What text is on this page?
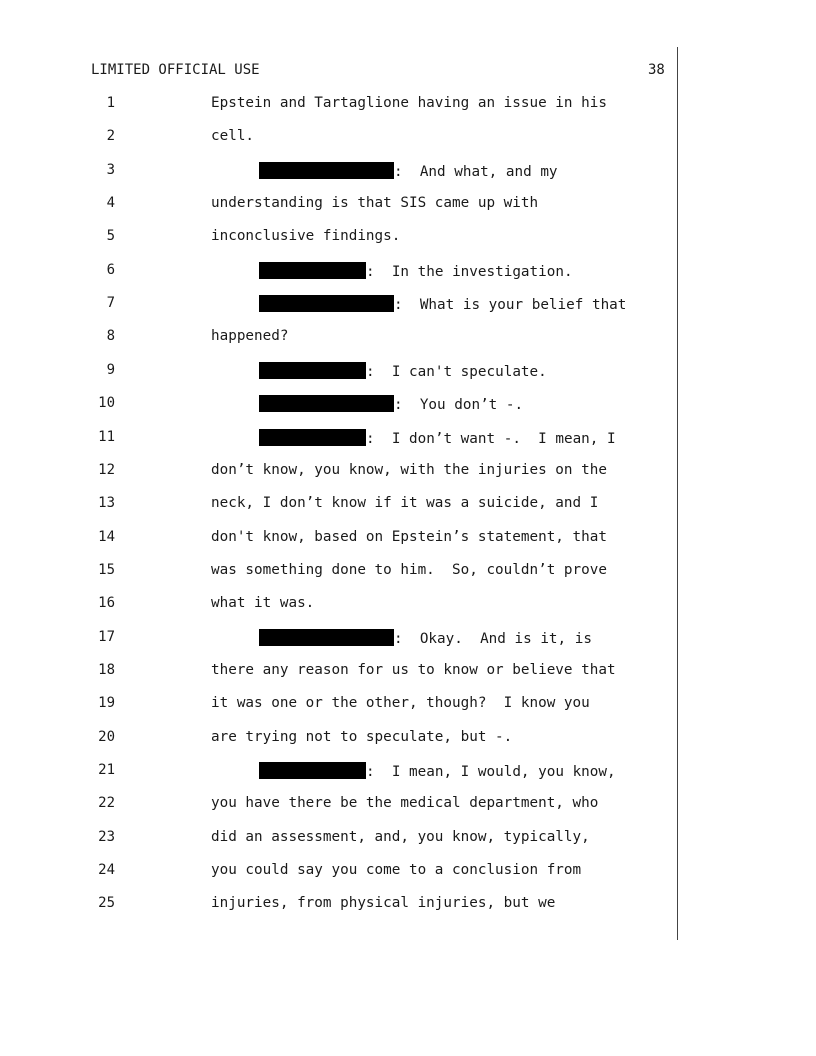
LIMITED OFFICIAL USE	38
1	Epstein and Tartaglione having an issue in his
2	cell.
3	:  And what, and my
4	understanding is that SIS came up with
5	inconclusive findings.
6	:  In the investigation.
7	:  What is your belief that
8	happened?
9	:  I can't speculate.
10	:  You don’t -.
11	:  I don’t want -.  I mean, I
12	don’t know, you know, with the injuries on the
13	neck, I don’t know if it was a suicide, and I
14	don't know, based on Epstein’s statement, that
15	was something done to him.  So, couldn’t prove
16	what it was.
17	:  Okay.  And is it, is
18	there any reason for us to know or believe that
19	it was one or the other, though?  I know you
20	are trying not to speculate, but -.
21	:  I mean, I would, you know,
22	you have there be the medical department, who
23	did an assessment, and, you know, typically,
24	you could say you come to a conclusion from
25	injuries, from physical injuries, but we
